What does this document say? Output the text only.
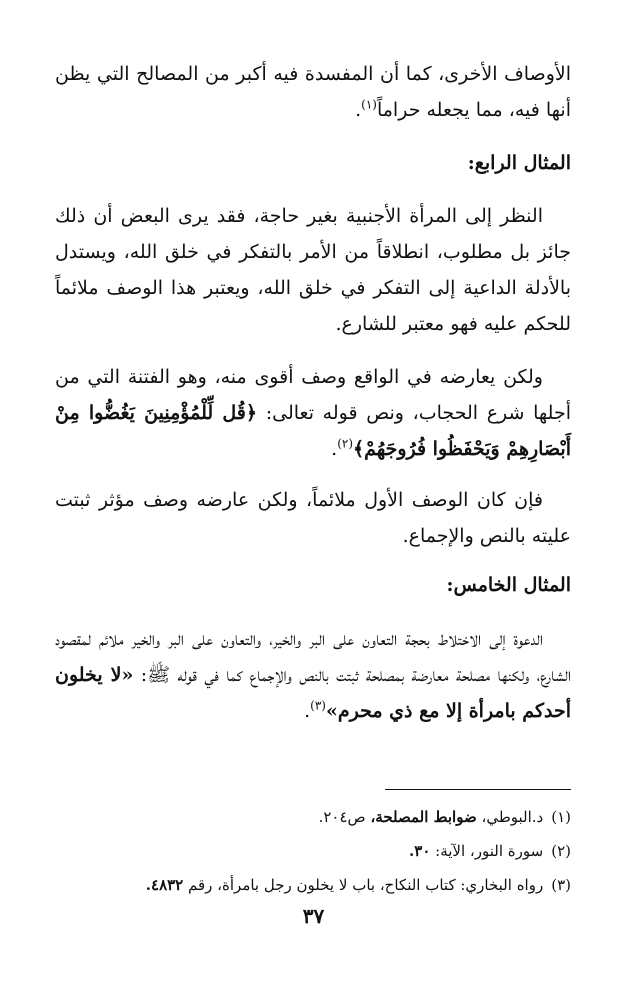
الأوصاف الأخرى، كما أن المفسدة فيه أكبر من المصالح التي يظن أنها فيه، مما يجعله حراماً$^{(١)}$.

المثال الرابع:

النظر إلى المرأة الأجنبية بغير حاجة، فقد يرى البعض أن ذلك جائز بل مطلوب، انطلاقاً من الأمر بالتفكر في خلق الله، ويستدل بالأدلة الداعية إلى التفكر في خلق الله، ويعتبر هذا الوصف ملائماً للحكم عليه فهو معتبر للشارع.

ولكن يعارضه في الواقع وصف أقوى منه، وهو الفتنة التي من أجلها شرع الحجاب، ونص قوله تعالى: ﴿قُل لِّلْمُؤْمِنِينَ يَغُضُّوا مِنْ أَبْصَارِهِمْ وَيَحْفَظُوا فُرُوجَهُمْ﴾$^{(٢)}$.

فإن كان الوصف الأول ملائماً، ولكن عارضه وصف مؤثر ثبتت عليته بالنص والإجماع.

المثال الخامس:

الدعوة إلى الاختلاط بحجة التعاون على البر والخير، والتعاون على البر والخير ملائم لمقصود الشارع، ولكنها مصلحة معارضة بمصلحة ثبتت بالنص والإجماع كما في قوله ﷺ: «لا يخلون أحدكم بامرأة إلا مع ذي محرم»$^{(٣)}$.

(١)د.البوطي، ضوابط المصلحة، ص٢٠٤.
(٢)سورة النور، الآية: ٣٠.
(٣)رواه البخاري: كتاب النكاح، باب لا يخلون رجل بامرأة، رقم ٤٨٣٢.
٣٧
